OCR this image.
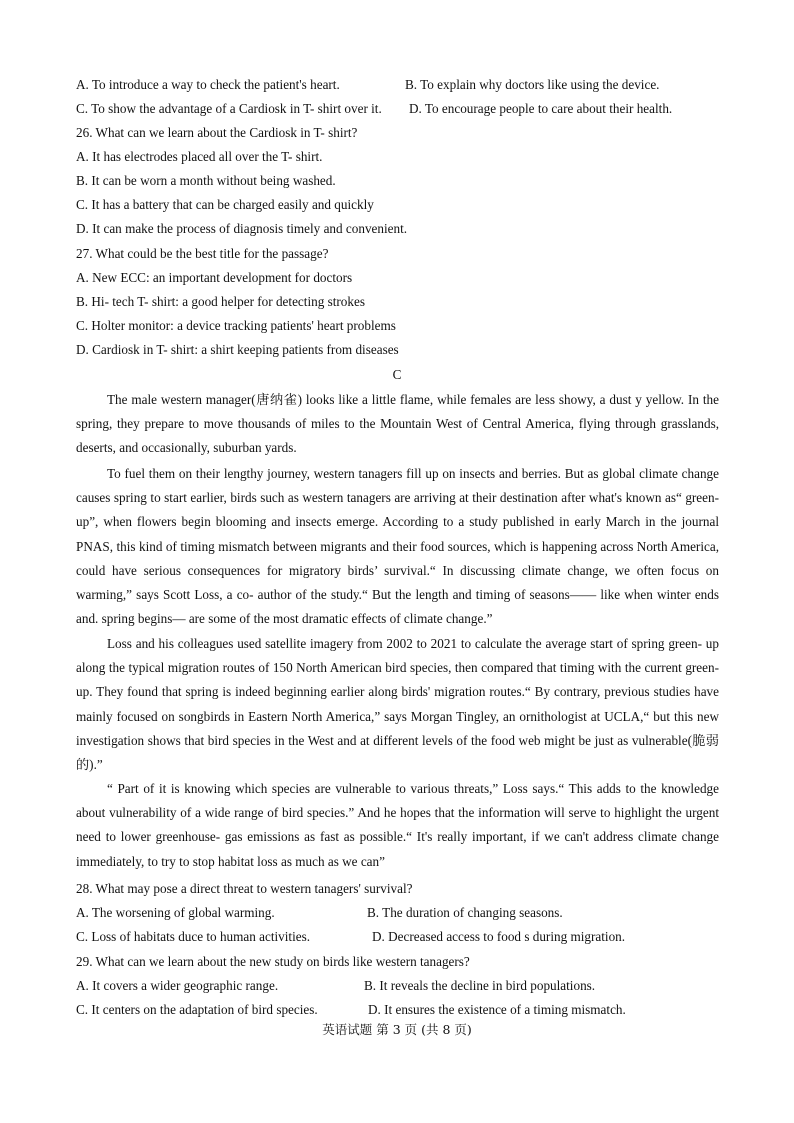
A. To introduce a way to check the patient's heart.	B. To explain why doctors like using the device.
C. To show the advantage of a Cardiosk in T- shirt over it. D. To encourage people to care about their health.
26. What can we learn about the Cardiosk in T- shirt?
A. It has electrodes placed all over the T- shirt.
B. It can be worn a month without being washed.
C. It has a battery that can be charged easily and quickly
D. It can make the process of diagnosis timely and convenient.
27. What could be the best title for the passage?
A. New ECC: an important development for doctors
B. Hi- tech T- shirt: a good helper for detecting strokes
C. Holter monitor: a device tracking patients' heart problems
D. Cardiosk in T- shirt: a shirt keeping patients from diseases
C
The male western manager(唐纳雀) looks like a little flame, while females are less showy, a dust y yellow. In the spring, they prepare to move thousands of miles to the Mountain West of Central America, flying through grasslands, deserts, and occasionally, suburban yards.
To fuel them on their lengthy journey, western tanagers fill up on insects and berries. But as global climate change causes spring to start earlier, birds such as western tanagers are arriving at their destination after what's known as“ green- up”, when flowers begin blooming and insects emerge. According to a study published in early March in the journal PNAS, this kind of timing mismatch between migrants and their food sources, which is happening across North America, could have serious consequences for migratory birds’ survival.“ In discussing climate change, we often focus on warming,” says Scott Loss, a co- author of the study.“ But the length and timing of seasons—— like when winter ends and. spring begins— are some of the most dramatic effects of climate change.”
Loss and his colleagues used satellite imagery from 2002 to 2021 to calculate the average start of spring green- up along the typical migration routes of 150 North American bird species, then compared that timing with the current green- up. They found that spring is indeed beginning earlier along birds' migration routes.“ By contrary, previous studies have mainly focused on songbirds in Eastern North America,” says Morgan Tingley, an ornithologist at UCLA,“ but this new investigation shows that bird species in the West and at different levels of the food web might be just as vulnerable(脆弱的).”
“ Part of it is knowing which species are vulnerable to various threats,” Loss says.“ This adds to the knowledge about vulnerability of a wide range of bird species.” And he hopes that the information will serve to highlight the urgent need to lower greenhouse- gas emissions as fast as possible.“ It's really important, if we can't address climate change immediately, to try to stop habitat loss as much as we can”
28. What may pose a direct threat to western tanagers' survival?
A. The worsening of global warming.	B. The duration of changing seasons.
C. Loss of habitats duce to human activities.	D. Decreased access to food s during migration.
29. What can we learn about the new study on birds like western tanagers?
A. It covers a wider geographic range.	B. It reveals the decline in bird populations.
C. It centers on the adaptation of bird species.	D. It ensures the existence of a timing mismatch.
英语试题 第 3 页 (共 8 页)
